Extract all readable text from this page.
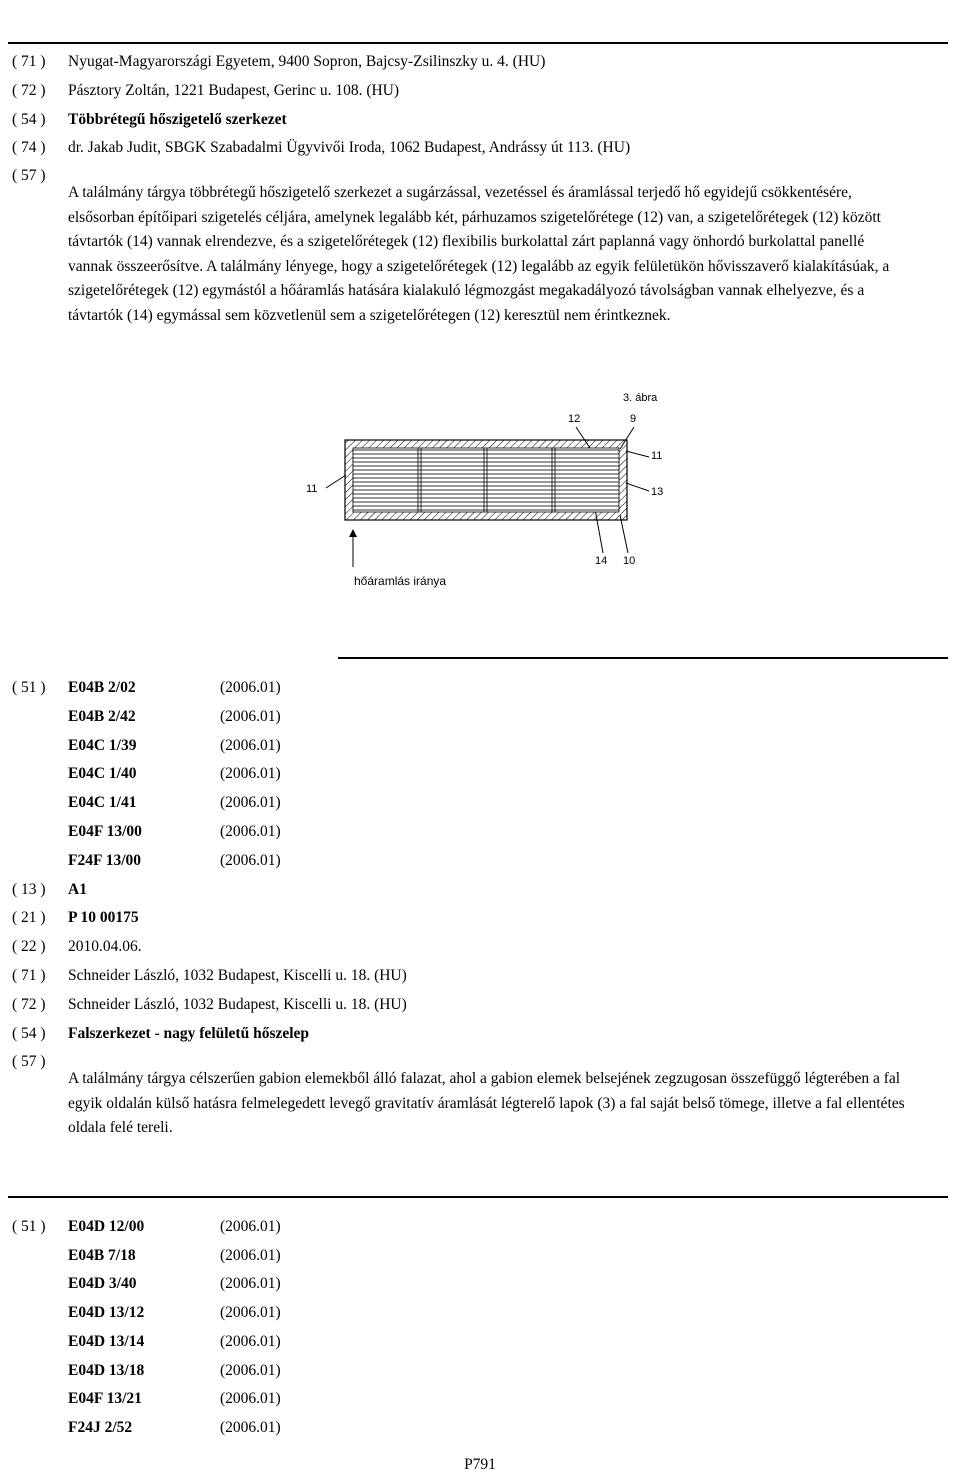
Szabadalmi Közlöny és Védjegyértesítő 116. évfolyam 22. szám, 2011.11.28.
Szabadalmi bejelentések közzététele
( 71 ) Nyugat-Magyarországi Egyetem, 9400 Sopron, Bajcsy-Zsilinszky u. 4. (HU)
( 72 ) Pásztory Zoltán, 1221 Budapest, Gerinc u. 108. (HU)
( 54 ) Többrétegű hőszigetelő szerkezet
( 74 ) dr. Jakab Judit, SBGK Szabadalmi Ügyvivői Iroda, 1062 Budapest, Andrássy út 113. (HU)
( 57 )
A találmány tárgya többrétegű hőszigetelő szerkezet a sugárzással, vezetéssel és áramlással terjedő hő egyidejű csökkentésére, elsősorban építőipari szigetelés céljára, amelynek legalább két, párhuzamos szigetelőrétege (12) van, a szigetelőrétegek (12) között távtartók (14) vannak elrendezve, és a szigetelőrétegek (12) flexibilis burkolattal zárt paplanná vagy önhordó burkolattal panellé vannak összeerősítve. A találmány lényege, hogy a szigetelőrétegek (12) legalább az egyik felületükön hővisszaverő kialakításúak, a szigetelőrétegek (12) egymástól a hőáramlás hatására kialakuló légmozgást megakadályozó távolságban vannak elhelyezve, és a távtartók (14) egymással sem közvetlenül sem a szigetelőrétegen (12) keresztül nem érintkeznek.
3. ábra
12	9
11
11	13
14 10
hőáramlás iránya
( 51 ) E04B 2/02	(2006.01)
E04B 2/42	(2006.01)
E04C 1/39	(2006.01)
E04C 1/40	(2006.01)
E04C 1/41	(2006.01)
E04F 13/00	(2006.01)
F24F 13/00	(2006.01)
( 13 ) A1
( 21 ) P 10 00175
( 22 ) 2010.04.06.
( 71 ) Schneider László, 1032 Budapest, Kiscelli u. 18. (HU)
( 72 ) Schneider László, 1032 Budapest, Kiscelli u. 18. (HU)
( 54 ) Falszerkezet - nagy felületű hőszelep
( 57 )
A találmány tárgya célszerűen gabion elemekből álló falazat, ahol a gabion elemek belsejének zegzugosan összefüggő légterében a fal egyik oldalán külső hatásra felmelegedett levegő gravitatív áramlását légterelő lapok (3) a fal saját belső tömege, illetve a fal ellentétes oldala felé tereli.
( 51 ) E04D 12/00	(2006.01)
E04B 7/18	(2006.01)
E04D 3/40	(2006.01)
E04D 13/12	(2006.01)
E04D 13/14	(2006.01)
E04D 13/18	(2006.01)
E04F 13/21	(2006.01)
F24J 2/52	(2006.01)
P791
